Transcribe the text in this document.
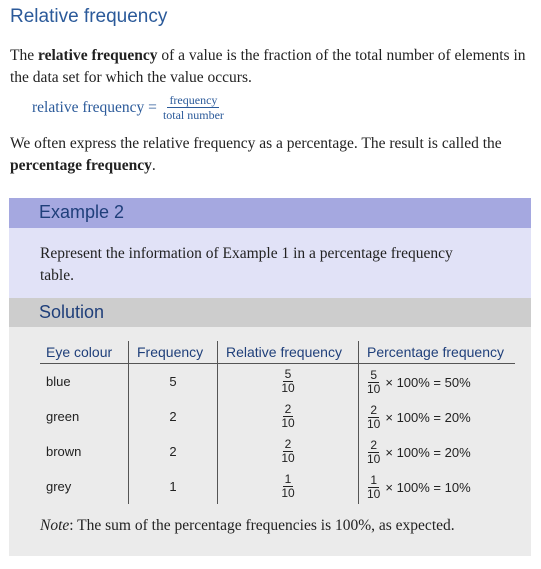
Relative frequency
The relative frequency of a value is the fraction of the total number of elements in the data set for which the value occurs.
relative frequency = $\frac{\text{frequency}}{\text{total number}}$
We often express the relative frequency as a percentage. The result is called the percentage frequency.
Example 2
Represent the information of Example 1 in a percentage frequency table.
Solution
Eye colour	Frequency	Relative frequency	Percentage frequency
blue	5	$\frac{5}{10}$	$\frac{5}{10} \times 100\% = 50\%$

green	2	$\frac{2}{10}$	$\frac{2}{10} \times 100\% = 20\%$

brown	2	$\frac{2}{10}$	$\frac{2}{10} \times 100\% = 20\%$

grey	1	$\frac{1}{10}$	$\frac{1}{10} \times 100\% = 10\%$
Note: The sum of the percentage frequencies is 100%, as expected.
